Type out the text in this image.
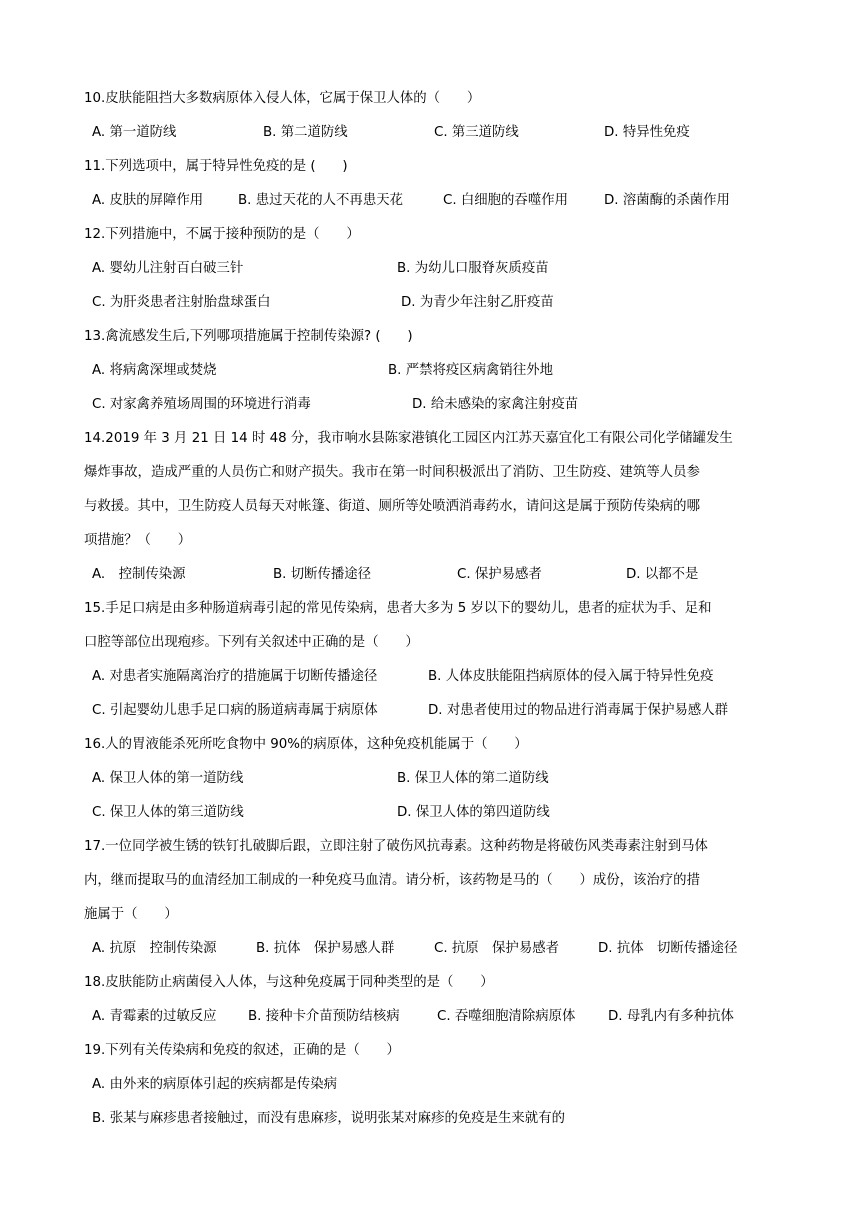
10.皮肤能阻挡大多数病原体入侵人体，它属于保卫人体的（　　）
A. 第一道防线	B. 第二道防线	C. 第三道防线	D. 特异性免疫
11.下列选项中，属于特异性免疫的是 (　　)
A. 皮肤的屏障作用	B. 患过天花的人不再患天花	C. 白细胞的吞噬作用	D. 溶菌酶的杀菌作用
12.下列措施中，不属于接种预防的是（　　）
A. 婴幼儿注射百白破三针	B. 为幼儿口服脊灰质疫苗
C. 为肝炎患者注射胎盘球蛋白	D. 为青少年注射乙肝疫苗
13.禽流感发生后,下列哪项措施属于控制传染源? (　　)
A. 将病禽深埋或焚烧	B. 严禁将疫区病禽销往外地
C. 对家禽养殖场周围的环境进行消毒	D. 给未感染的家禽注射疫苗
14.2019 年 3 月 21 日 14 时 48 分，我市响水县陈家港镇化工园区内江苏天嘉宜化工有限公司化学储罐发生
爆炸事故，造成严重的人员伤亡和财产损失。我市在第一时间积极派出了消防、卫生防疫、建筑等人员参
与救援。其中，卫生防疫人员每天对帐篷、街道、厕所等处喷洒消毒药水，请问这是属于预防传染病的哪
项措施？（　　）
A.　控制传染源	B. 切断传播途径	C. 保护易感者	D. 以都不是
15.手足口病是由多种肠道病毒引起的常见传染病，患者大多为 5 岁以下的婴幼儿，患者的症状为手、足和
口腔等部位出现疱疹。下列有关叙述中正确的是（　　）
A. 对患者实施隔离治疗的措施属于切断传播途径	B. 人体皮肤能阻挡病原体的侵入属于特异性免疫
C. 引起婴幼儿患手足口病的肠道病毒属于病原体	D. 对患者使用过的物品进行消毒属于保护易感人群
16.人的胃液能杀死所吃食物中 90%的病原体，这种免疫机能属于（　　）
A. 保卫人体的第一道防线	B. 保卫人体的第二道防线
C. 保卫人体的第三道防线	D. 保卫人体的第四道防线
17.一位同学被生锈的铁钉扎破脚后跟，立即注射了破伤风抗毒素。这种药物是将破伤风类毒素注射到马体
内，继而提取马的血清经加工制成的一种免疫马血清。请分析，该药物是马的（　　）成份，该治疗的措
施属于（　　）
A. 抗原　控制传染源	B. 抗体　保护易感人群	C. 抗原　保护易感者	D. 抗体　切断传播途径
18.皮肤能防止病菌侵入人体，与这种免疫属于同种类型的是（　　）
A. 青霉素的过敏反应 B. 接种卡介苗预防结核病	C. 吞噬细胞清除病原体 D. 母乳内有多种抗体
19.下列有关传染病和免疫的叙述，正确的是（　　）
A. 由外来的病原体引起的疾病都是传染病
B. 张某与麻疹患者接触过，而没有患麻疹，说明张某对麻疹的免疫是生来就有的
